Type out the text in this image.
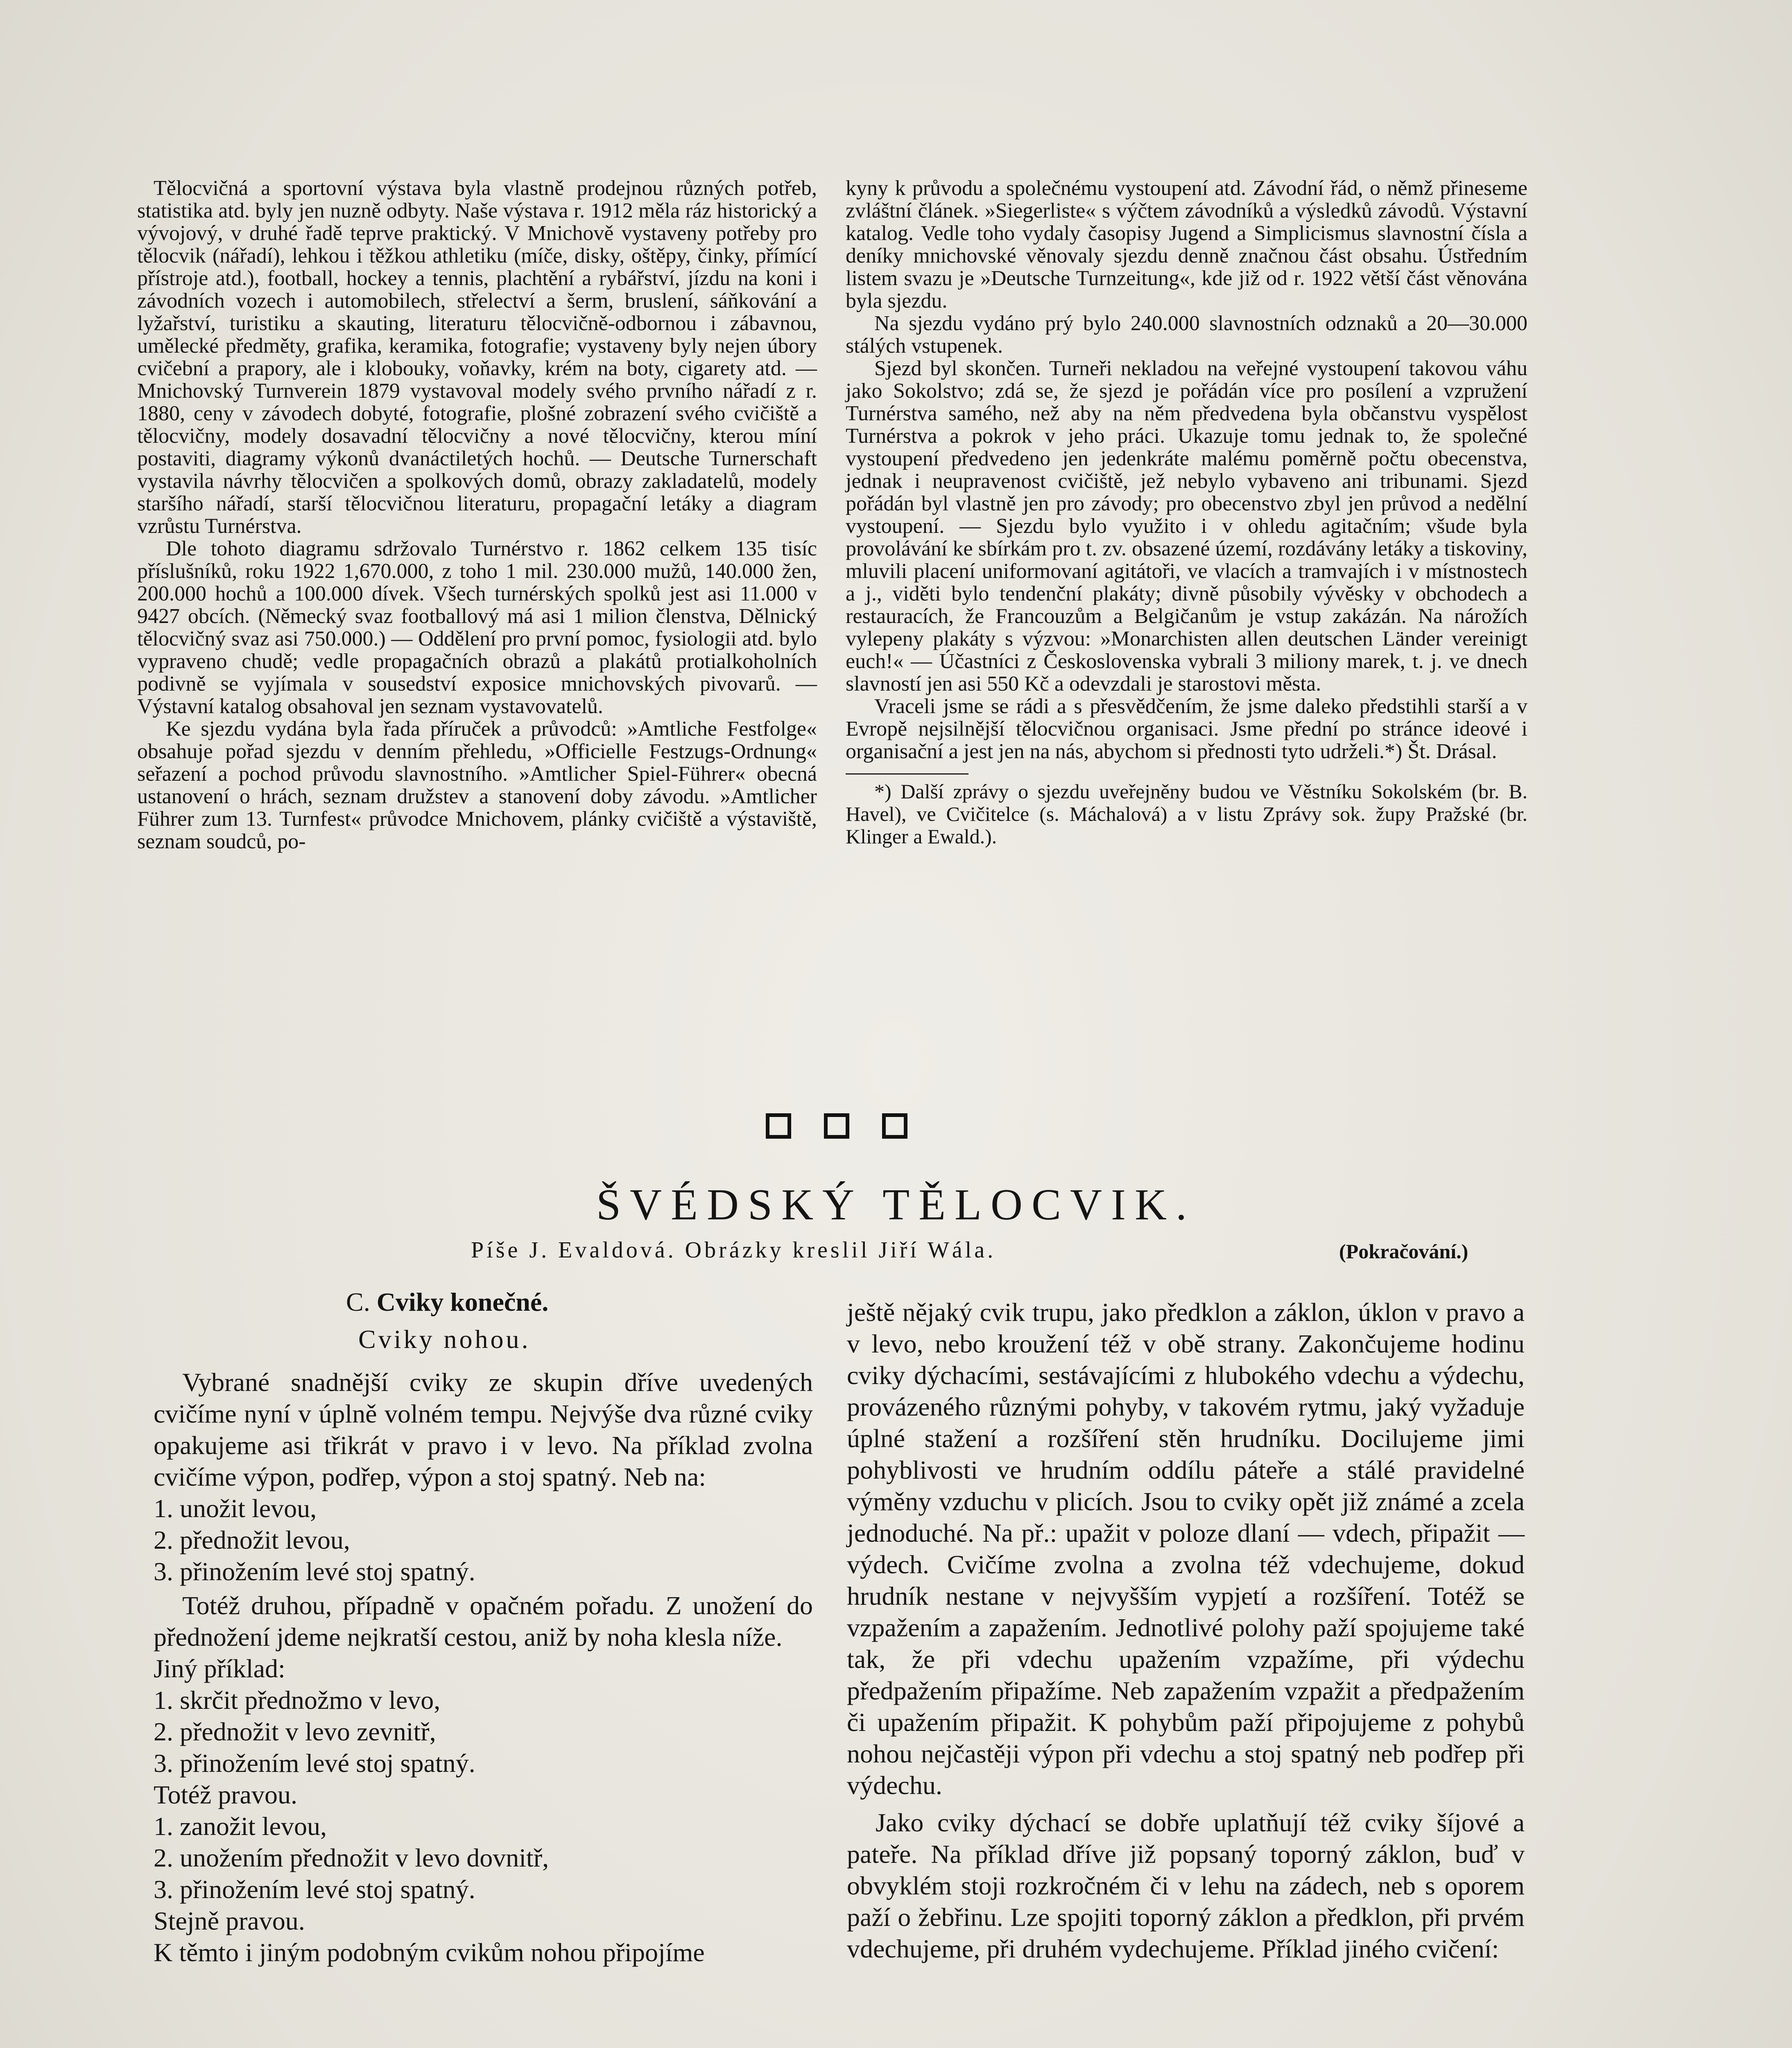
Tělocvičná a sportovní výstava byla vlastně prodejnou různých potřeb, statistika atd. byly jen nuzně odbyty. Naše výstava r. 1912 měla ráz historický a vývojový, v druhé řadě teprve praktický. V Mnichově vystaveny potřeby pro tělocvik (nářadí), lehkou i těžkou athletiku (míče, disky, oštěpy, činky, přímící přístroje atd.), football, hockey a tennis, plachtění a rybářství, jízdu na koni i závodních vozech i automobilech, střelectví a šerm, bruslení, sáňkování a lyžařství, turistiku a skauting, literaturu tělocvičně-odbornou i zábavnou, umělecké předměty, grafika, keramika, fotografie; vystaveny byly nejen úbory cvičební a prapory, ale i klobouky, voňavky, krém na boty, cigarety atd. — Mnichovský Turnverein 1879 vystavoval modely svého prvního nářadí z r. 1880, ceny v závodech dobyté, fotografie, plošné zobrazení svého cvičiště a tělocvičny, modely dosavadní tělocvičny a nové tělocvičny, kterou míní postaviti, diagramy výkonů dvanáctiletých hochů. — Deutsche Turnerschaft vystavila návrhy tělocvičen a spolkových domů, obrazy zakladatelů, modely staršího nářadí, starší tělocvičnou literaturu, propagační letáky a diagram vzrůstu Turnérstva.

Dle tohoto diagramu sdržovalo Turnérstvo r. 1862 celkem 135 tisíc příslušníků, roku 1922 1,670.000, z toho 1 mil. 230.000 mužů, 140.000 žen, 200.000 hochů a 100.000 dívek. Všech turnérských spolků jest asi 11.000 v 9427 obcích. (Německý svaz footballový má asi 1 milion členstva, Dělnický tělocvičný svaz asi 750.000.) — Oddělení pro první pomoc, fysiologii atd. bylo vypraveno chudě; vedle propagačních obrazů a plakátů protialkoholních podivně se vyjímala v sousedství exposice mnichovských pivovarů. — Výstavní katalog obsahoval jen seznam vystavovatelů.

Ke sjezdu vydána byla řada příruček a průvodců: »Amtliche Festfolge« obsahuje pořad sjezdu v denním přehledu, »Officielle Festzugs-Ordnung« seřazení a pochod průvodu slavnostního. »Amtlicher Spiel-Führer« obecná ustanovení o hrách, seznam družstev a stanovení doby závodu. »Amtlicher Führer zum 13. Turnfest« průvodce Mnichovem, plánky cvičiště a výstaviště, seznam soudců, po-

kyny k průvodu a společnému vystoupení atd. Závodní řád, o němž přineseme zvláštní článek. »Siegerliste« s výčtem závodníků a výsledků závodů. Výstavní katalog. Vedle toho vydaly časopisy Jugend a Simplicismus slavnostní čísla a deníky mnichovské věnovaly sjezdu denně značnou část obsahu. Ústředním listem svazu je »Deutsche Turnzeitung«, kde již od r. 1922 větší část věnována byla sjezdu.

Na sjezdu vydáno prý bylo 240.000 slavnostních odznaků a 20—30.000 stálých vstupenek.

Sjezd byl skončen. Turneři nekladou na veřejné vystoupení takovou váhu jako Sokolstvo; zdá se, že sjezd je pořádán více pro posílení a vzpružení Turnérstva samého, než aby na něm předvedena byla občanstvu vyspělost Turnérstva a pokrok v jeho práci. Ukazuje tomu jednak to, že společné vystoupení předvedeno jen jedenkráte malému poměrně počtu obecenstva, jednak i neupravenost cvičiště, jež nebylo vybaveno ani tribunami. Sjezd pořádán byl vlastně jen pro závody; pro obecenstvo zbyl jen průvod a nedělní vystoupení. — Sjezdu bylo využito i v ohledu agitačním; všude byla provolávání ke sbírkám pro t. zv. obsazené území, rozdávány letáky a tiskoviny, mluvili placení uniformovaní agitátoři, ve vlacích a tramvajích i v místnostech a j., viděti bylo tendenční plakáty; divně působily vývěsky v obchodech a restauracích, že Francouzům a Belgičanům je vstup zakázán. Na nárožích vylepeny plakáty s výzvou: »Monarchisten allen deutschen Länder vereinigt euch!« — Účastníci z Československa vybrali 3 miliony marek, t. j. ve dnech slavností jen asi 550 Kč a odevzdali je starostovi města.

Vraceli jsme se rádi a s přesvědčením, že jsme daleko předstihli starší a v Evropě nejsilnější tělocvičnou organisaci. Jsme přední po stránce ideové i organisační a jest jen na nás, abychom si přednosti tyto udrželi.*) Št. Drásal.

*) Další zprávy o sjezdu uveřejněny budou ve Věstníku Sokolském (br. B. Havel), ve Cvičitelce (s. Máchalová) a v listu Zprávy sok. župy Pražské (br. Klinger a Ewald.).

ŠVÉDSKÝ TĚLOCVIK.
Píše J. Evaldová. Obrázky kreslil Jiří Wála.	(Pokračování.)

C. Cviky konečné.

Cviky nohou.

Vybrané snadnější cviky ze skupin dříve uvedených cvičíme nyní v úplně volném tempu. Nejvýše dva různé cviky opakujeme asi třikrát v pravo i v levo. Na příklad zvolna cvičíme výpon, podřep, výpon a stoj spatný. Neb na:

1. unožit levou,

2. přednožit levou,

3. přinožením levé stoj spatný.

Totéž druhou, případně v opačném pořadu. Z unožení do přednožení jdeme nejkratší cestou, aniž by noha klesla níže.

Jiný příklad:

1. skrčit přednožmo v levo,

2. přednožit v levo zevnitř,

3. přinožením levé stoj spatný.

Totéž pravou.

1. zanožit levou,

2. unožením přednožit v levo dovnitř,

3. přinožením levé stoj spatný.

Stejně pravou.

K těmto i jiným podobným cvikům nohou připojíme

ještě nějaký cvik trupu, jako předklon a záklon, úklon v pravo a v levo, nebo kroužení též v obě strany. Zakončujeme hodinu cviky dýchacími, sestávajícími z hlubokého vdechu a výdechu, provázeného různými pohyby, v takovém rytmu, jaký vyžaduje úplné stažení a rozšíření stěn hrudníku. Docilujeme jimi pohyblivosti ve hrudním oddílu páteře a stálé pravidelné výměny vzduchu v plicích. Jsou to cviky opět již známé a zcela jednoduché. Na př.: upažit v poloze dlaní — vdech, připažit — výdech. Cvičíme zvolna a zvolna též vdechujeme, dokud hrudník nestane v nejvyšším vypjetí a rozšíření. Totéž se vzpažením a zapažením. Jednotlivé polohy paží spojujeme také tak, že při vdechu upažením vzpažíme, při výdechu předpažením připažíme. Neb zapažením vzpažit a předpažením či upažením připažit. K pohybům paží připojujeme z pohybů nohou nejčastěji výpon při vdechu a stoj spatný neb podřep při výdechu.

Jako cviky dýchací se dobře uplatňují též cviky šíjové a pateře. Na příklad dříve již popsaný toporný záklon, buď v obvyklém stoji rozkročném či v lehu na zádech, neb s oporem paží o žebřinu. Lze spojiti toporný záklon a předklon, při prvém vdechujeme, při druhém vydechujeme. Příklad jiného cvičení:
